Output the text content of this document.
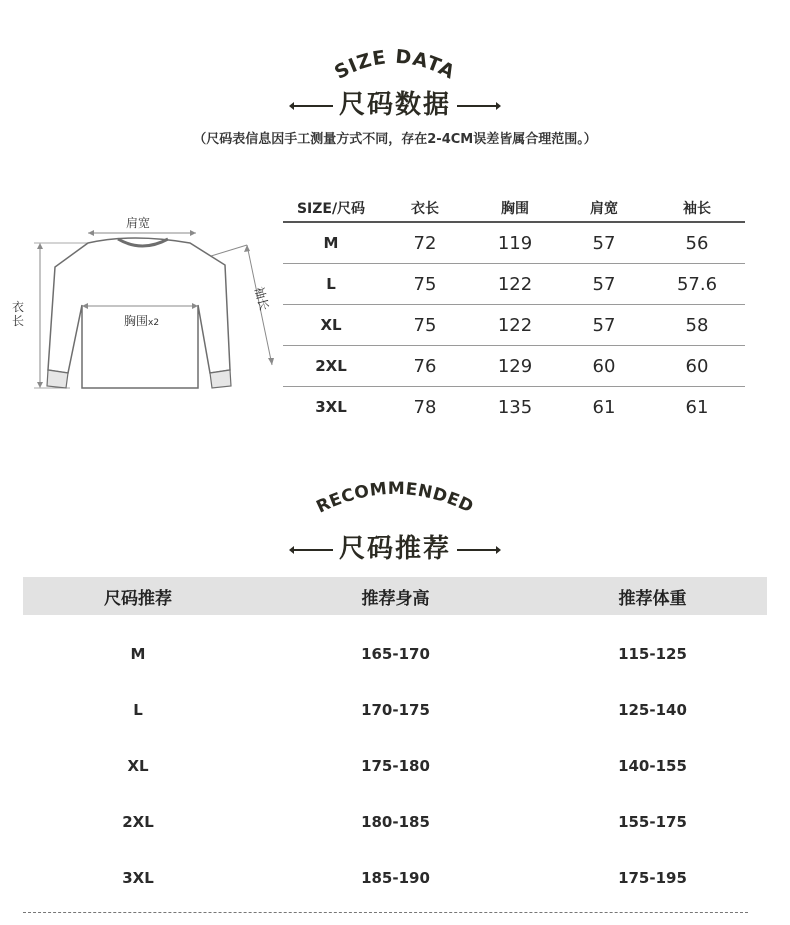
SIZE DATA
尺码数据
（尺码表信息因手工测量方式不同，存在2-4CM误差皆属合理范围。）
肩宽
胸围x2
衣长
袖长
SIZE/尺码	衣长	胸围	肩宽	袖长
M	72	119	57	56
L	75	122	57	57.6
XL	75	122	57	58
2XL	76	129	60	60
3XL	78	135	61	61
RECOMMENDED
尺码推荐
尺码推荐	推荐身高	推荐体重
M	165-170	115-125
L	170-175	125-140
XL	175-180	140-155
2XL	180-185	155-175
3XL	185-190	175-195
